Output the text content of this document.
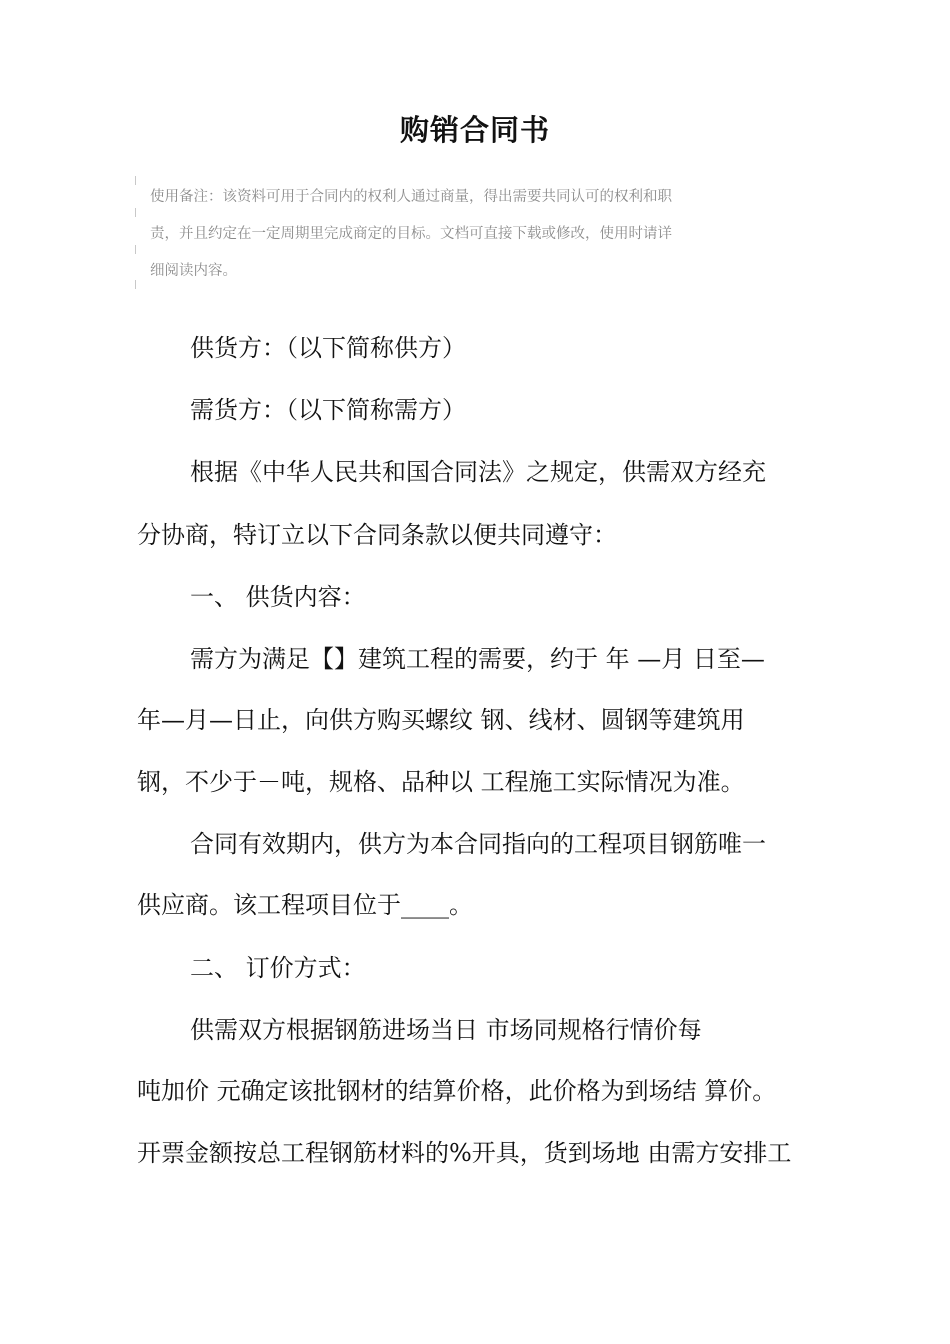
购销合同书
使用备注：该资料可用于合同内的权利人通过商量，得出需要共同认可的权利和职
责，并且约定在一定周期里完成商定的目标。文档可直接下载或修改，使用时请详
细阅读内容。
供货方：（以下简称供方）
需货方：（以下简称需方）
根据《中华人民共和国合同法》之规定，供需双方经充
分协商，特订立以下合同条款以便共同遵守：
一、 供货内容：
需方为满足【】建筑工程的需要，约于 年 —月 日至—
年—月—日止，向供方购买螺纹 钢、线材、圆钢等建筑用
钢，不少于－吨，规格、品种以 工程施工实际情况为准。
合同有效期内，供方为本合同指向的工程项目钢筋唯一
供应商。该工程项目位于____。
二、 订价方式：
供需双方根据钢筋进场当日 市场同规格行情价每
吨加价 元确定该批钢材的结算价格，此价格为到场结 算价。
开票金额按总工程钢筋材料的%开具，货到场地 由需方安排工
